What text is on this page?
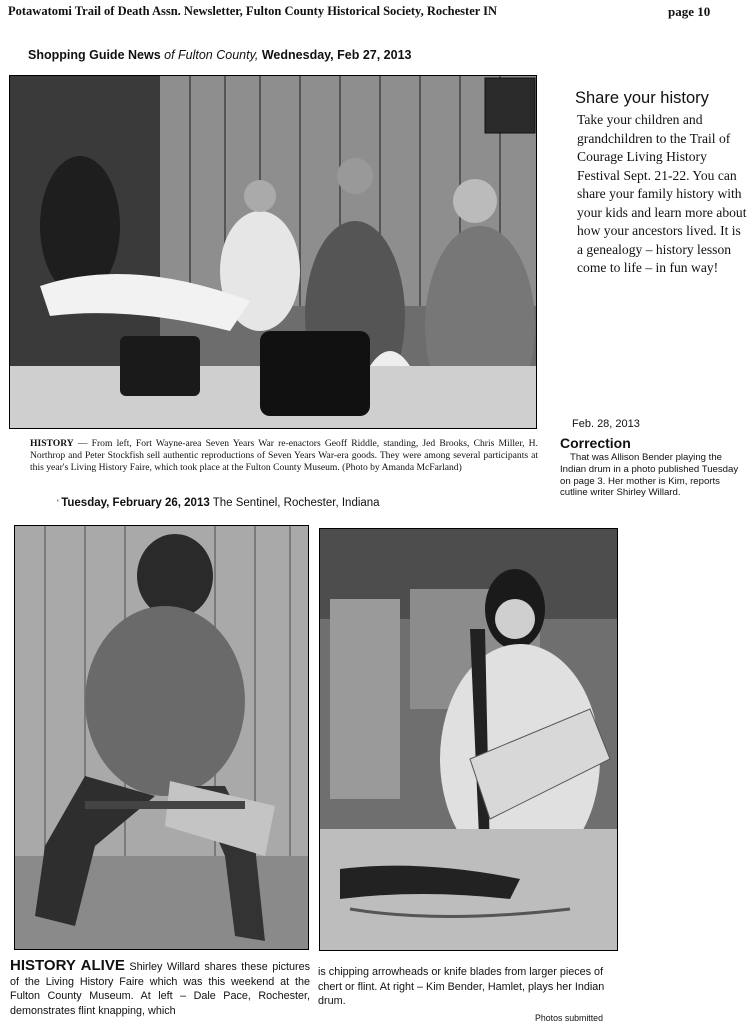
Potawatomi Trail of Death Assn. Newsletter, Fulton County Historical Society, Rochester IN	page 10
Shopping Guide News of Fulton County, Wednesday, Feb 27, 2013
Share your history
Take your children and grandchildren to the Trail of Courage Living History Festival Sept. 21-22. You can share your family history with your kids and learn more about how your ancestors lived. It is a genealogy – history lesson come to life – in fun way!
HISTORY — From left, Fort Wayne-area Seven Years War re-enactors Geoff Riddle, standing, Jed Brooks, Chris Miller, H. Northrop and Peter Stockfish sell authentic reproductions of Seven Years War-era goods. They were among several participants at this year's Living History Faire, which took place at the Fulton County Museum. (Photo by Amanda McFarland)
' Tuesday, February 26, 2013 The Sentinel, Rochester, Indiana
Feb. 28, 2013
Correction
That was Allison Bender playing the Indian drum in a photo published Tuesday on page 3. Her mother is Kim, reports cutline writer Shirley Willard.
HISTORY ALIVE Shirley Willard shares these pictures of the Living History Faire which was this weekend at the Fulton County Museum. At left – Dale Pace, Rochester, demonstrates flint knapping, which
is chipping arrowheads or knife blades from larger pieces of chert or flint. At right – Kim Bender, Hamlet, plays her Indian drum.
Photos submitted
